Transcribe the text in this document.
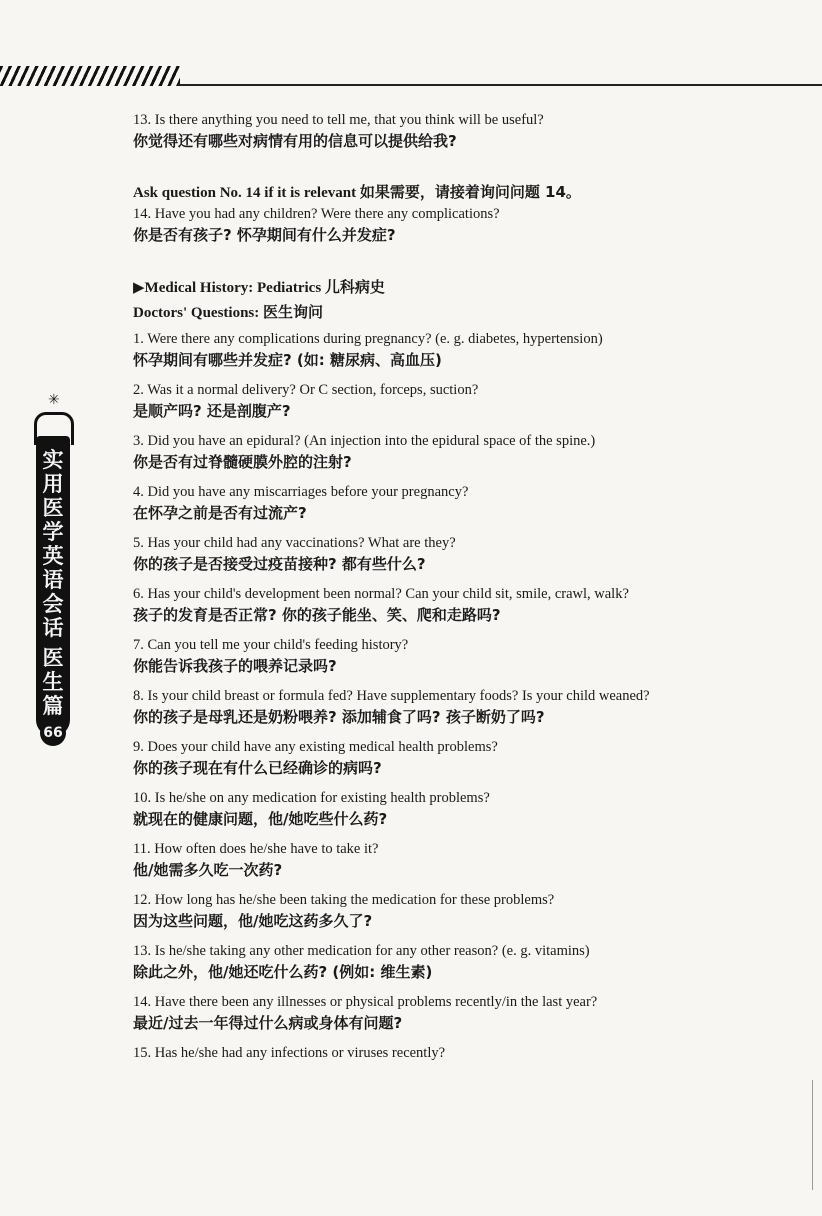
✳
实用医学英语会话

医生篇
66

13. Is there anything you need to tell me, that you think will be useful?

你觉得还有哪些对病情有用的信息可以提供给我?

Ask question No. 14 if it is relevant 如果需要，请接着询问问题 14。

14. Have you had any children? Were there any complications?

你是否有孩子? 怀孕期间有什么并发症?

▶Medical History: Pediatrics 儿科病史

Doctors' Questions: 医生询问

1. Were there any complications during pregnancy? (e. g. diabetes, hypertension)

怀孕期间有哪些并发症? (如: 糖尿病、高血压)

2. Was it a normal delivery? Or C section, forceps, suction?

是顺产吗? 还是剖腹产?

3. Did you have an epidural? (An injection into the epidural space of the spine.)

你是否有过脊髓硬膜外腔的注射?

4. Did you have any miscarriages before your pregnancy?

在怀孕之前是否有过流产?

5. Has your child had any vaccinations? What are they?

你的孩子是否接受过疫苗接种? 都有些什么?

6. Has your child's development been normal? Can your child sit, smile, crawl, walk?

孩子的发育是否正常? 你的孩子能坐、笑、爬和走路吗?

7. Can you tell me your child's feeding history?

你能告诉我孩子的喂养记录吗?

8. Is your child breast or formula fed? Have supplementary foods? Is your child weaned?

你的孩子是母乳还是奶粉喂养? 添加辅食了吗? 孩子断奶了吗?

9. Does your child have any existing medical health problems?

你的孩子现在有什么已经确诊的病吗?

10. Is he/she on any medication for existing health problems?

就现在的健康问题，他/她吃些什么药?

11. How often does he/she have to take it?

他/她需多久吃一次药?

12. How long has he/she been taking the medication for these problems?

因为这些问题，他/她吃这药多久了?

13. Is he/she taking any other medication for any other reason? (e. g. vitamins)

除此之外，他/她还吃什么药? (例如: 维生素)

14. Have there been any illnesses or physical problems recently/in the last year?

最近/过去一年得过什么病或身体有问题?

15. Has he/she had any infections or viruses recently?
